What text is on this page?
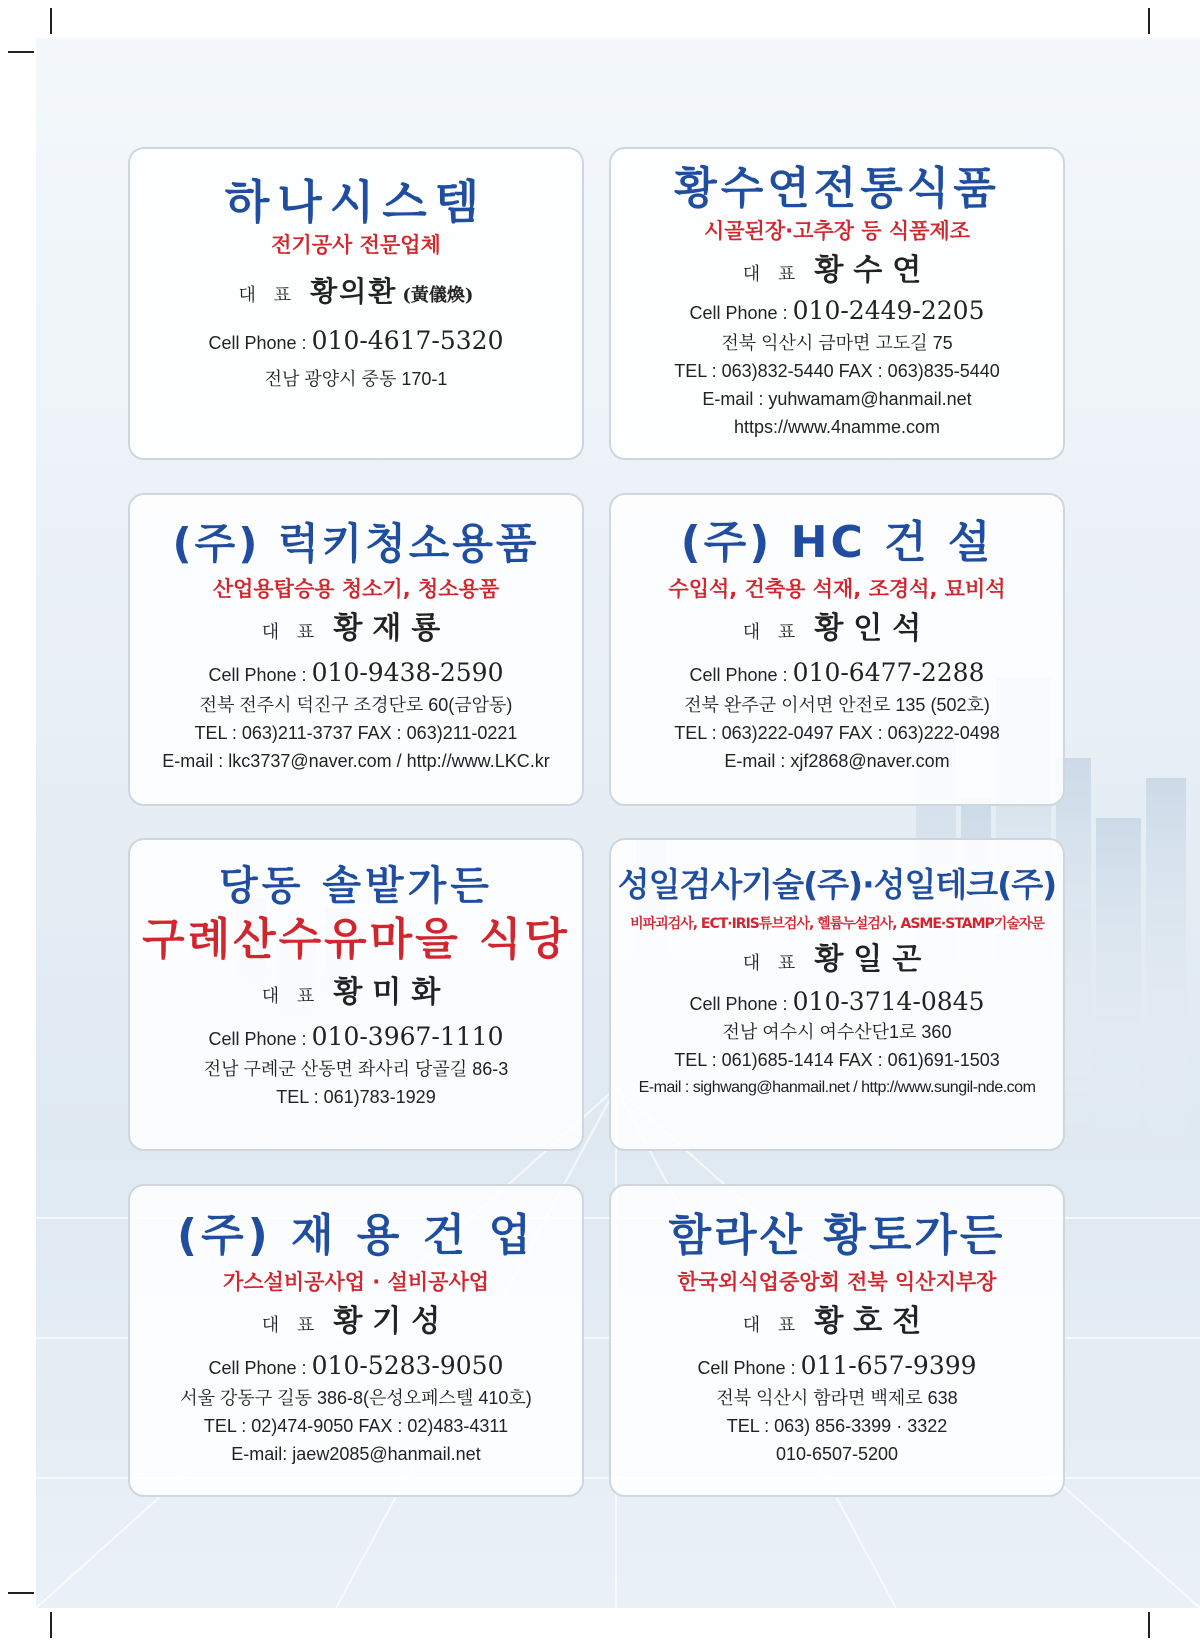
하나시스템
전기공사 전문업체
대 표 황의환 (黃儀煥)
Cell Phone : 010-4617-5320
전남 광양시 중동 170-1
황수연전통식품
시골된장·고추장 등 식품제조
대 표 황수연
Cell Phone : 010-2449-2205
전북 익산시 금마면 고도길 75
TEL : 063)832-5440 FAX : 063)835-5440
E-mail : yuhwamam@hanmail.net
https://www.4namme.com
(주) 럭키청소용품
산업용탑승용 청소기, 청소용품
대 표 황재룡
Cell Phone : 010-9438-2590
전북 전주시 덕진구 조경단로 60(금암동)
TEL : 063)211-3737 FAX : 063)211-0221
E-mail : lkc3737@naver.com / http://www.LKC.kr
(주) HC 건 설
수입석, 건축용 석재, 조경석, 묘비석
대 표 황인석
Cell Phone : 010-6477-2288
전북 완주군 이서면 안전로 135 (502호)
TEL : 063)222-0497 FAX : 063)222-0498
E-mail : xjf2868@naver.com
당동 솔밭가든
구례산수유마을 식당
대 표 황미화
Cell Phone : 010-3967-1110
전남 구례군 산동면 좌사리 당골길 86-3
TEL : 061)783-1929
성일검사기술(주)·성일테크(주)
비파괴검사, ECT·IRIS튜브검사, 헬륨누설검사, ASME·STAMP기술자문
대 표 황일곤
Cell Phone : 010-3714-0845
전남 여수시 여수산단1로 360
TEL : 061)685-1414 FAX : 061)691-1503
E-mail : sighwang@hanmail.net / http://www.sungil-nde.com
(주) 재 용 건 업
가스설비공사업 · 설비공사업
대 표 황기성
Cell Phone : 010-5283-9050
서울 강동구 길동 386-8(은성오페스텔 410호)
TEL : 02)474-9050 FAX : 02)483-4311
E-mail: jaew2085@hanmail.net
함라산 황토가든
한국외식업중앙회 전북 익산지부장
대 표 황호전
Cell Phone : 011-657-9399
전북 익산시 함라면 백제로 638
TEL : 063) 856-3399 · 3322
010-6507-5200
